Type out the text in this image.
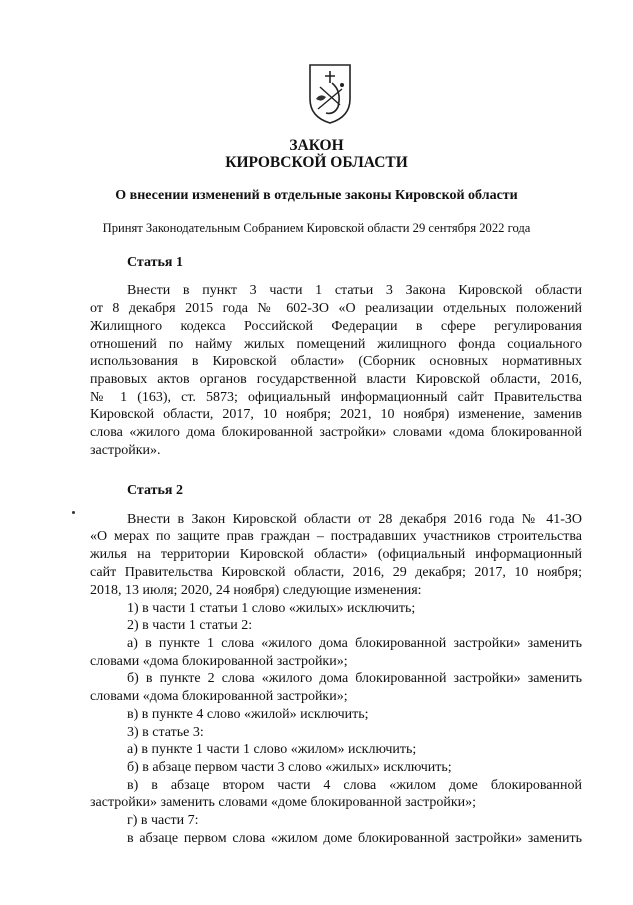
ЗАКОН
КИРОВСКОЙ ОБЛАСТИ
О внесении изменений в отдельные законы Кировской области
Принят Законодательным Собранием Кировской области 29 сентября 2022 года
Статья 1
Внести в пункт 3 части 1 статьи 3 Закона Кировской области
от 8 декабря 2015 года № 602-ЗО «О реализации отдельных положений
Жилищного кодекса Российской Федерации в сфере регулирования
отношений по найму жилых помещений жилищного фонда социального
использования в Кировской области» (Сборник основных нормативных
правовых актов органов государственной власти Кировской области, 2016,
№ 1 (163), ст. 5873; официальный информационный сайт Правительства
Кировской области, 2017, 10 ноября; 2021, 10 ноября) изменение, заменив
слова «жилого дома блокированной застройки» словами «дома блокированной
застройки».
Статья 2
Внести в Закон Кировской области от 28 декабря 2016 года № 41-ЗО
«О мерах по защите прав граждан – пострадавших участников строительства
жилья на территории Кировской области» (официальный информационный
сайт Правительства Кировской области, 2016, 29 декабря; 2017, 10 ноября;
2018, 13 июля; 2020, 24 ноября) следующие изменения:
1) в части 1 статьи 1 слово «жилых» исключить;
2) в части 1 статьи 2:
а) в пункте 1 слова «жилого дома блокированной застройки» заменить
словами «дома блокированной застройки»;
б) в пункте 2 слова «жилого дома блокированной застройки» заменить
словами «дома блокированной застройки»;
в) в пункте 4 слово «жилой» исключить;
3) в статье 3:
а) в пункте 1 части 1 слово «жилом» исключить;
б) в абзаце первом части 3 слово «жилых» исключить;
в) в абзаце втором части 4 слова «жилом доме блокированной
застройки» заменить словами «доме блокированной застройки»;
г) в части 7:
в абзаце первом слова «жилом доме блокированной застройки» заменить
